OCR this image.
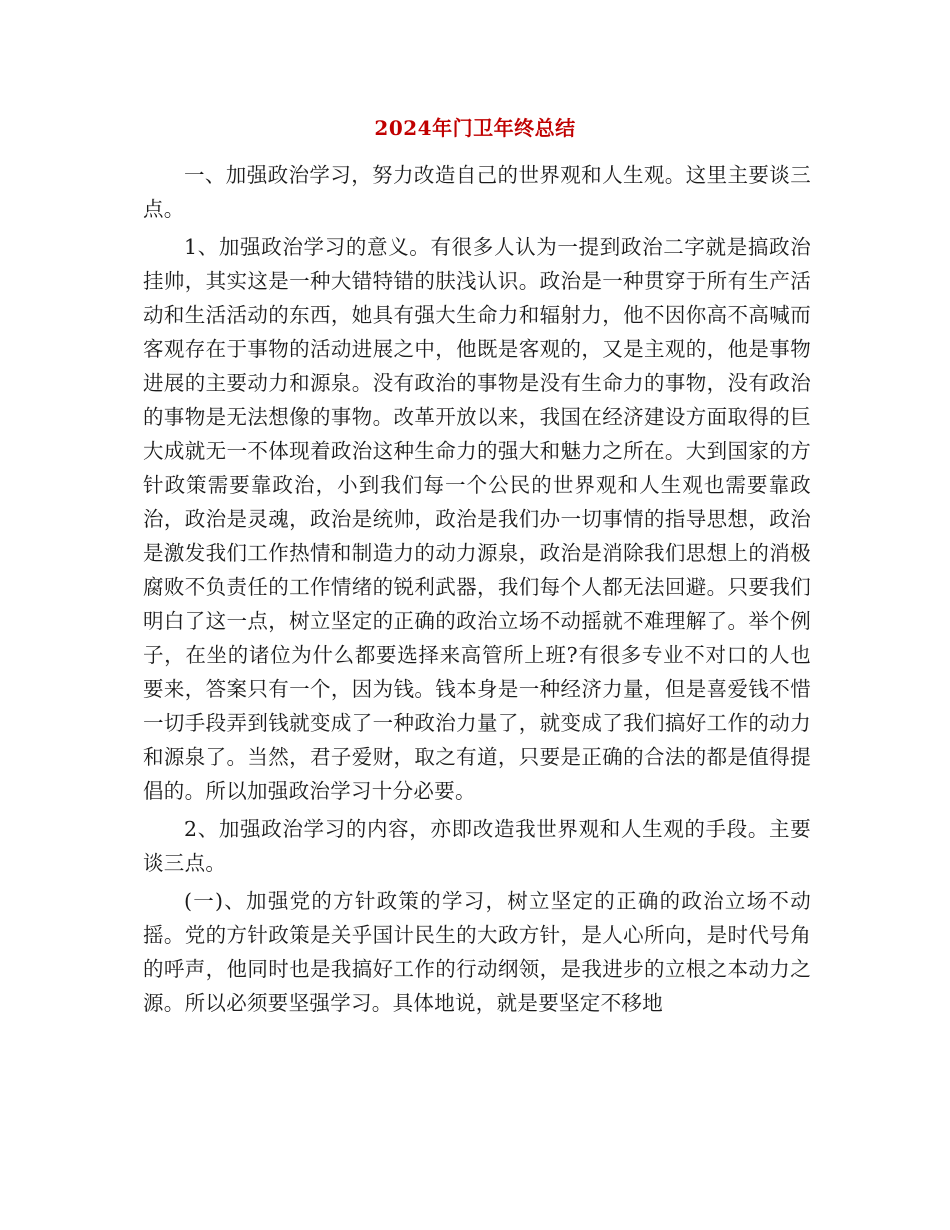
2024年门卫年终总结

一、加强政治学习，努力改造自己的世界观和人生观。这里主要谈三点。

1、加强政治学习的意义。有很多人认为一提到政治二字就是搞政治挂帅，其实这是一种大错特错的肤浅认识。政治是一种贯穿于所有生产活动和生活活动的东西，她具有强大生命力和辐射力，他不因你高不高喊而客观存在于事物的活动进展之中，他既是客观的，又是主观的，他是事物进展的主要动力和源泉。没有政治的事物是没有生命力的事物，没有政治的事物是无法想像的事物。改革开放以来，我国在经济建设方面取得的巨大成就无一不体现着政治这种生命力的强大和魅力之所在。大到国家的方针政策需要靠政治，小到我们每一个公民的世界观和人生观也需要靠政治，政治是灵魂，政治是统帅，政治是我们办一切事情的指导思想，政治是激发我们工作热情和制造力的动力源泉，政治是消除我们思想上的消极腐败不负责任的工作情绪的锐利武器，我们每个人都无法回避。只要我们明白了这一点，树立坚定的正确的政治立场不动摇就不难理解了。举个例子，在坐的诸位为什么都要选择来高管所上班?有很多专业不对口的人也要来，答案只有一个，因为钱。钱本身是一种经济力量，但是喜爱钱不惜一切手段弄到钱就变成了一种政治力量了，就变成了我们搞好工作的动力和源泉了。当然，君子爱财，取之有道，只要是正确的合法的都是值得提倡的。所以加强政治学习十分必要。

2、加强政治学习的内容，亦即改造我世界观和人生观的手段。主要谈三点。

(一)、加强党的方针政策的学习，树立坚定的正确的政治立场不动摇。党的方针政策是关乎国计民生的大政方针，是人心所向，是时代号角的呼声，他同时也是我搞好工作的行动纲领，是我进步的立根之本动力之源。所以必须要坚强学习。具体地说，就是要坚定不移地
